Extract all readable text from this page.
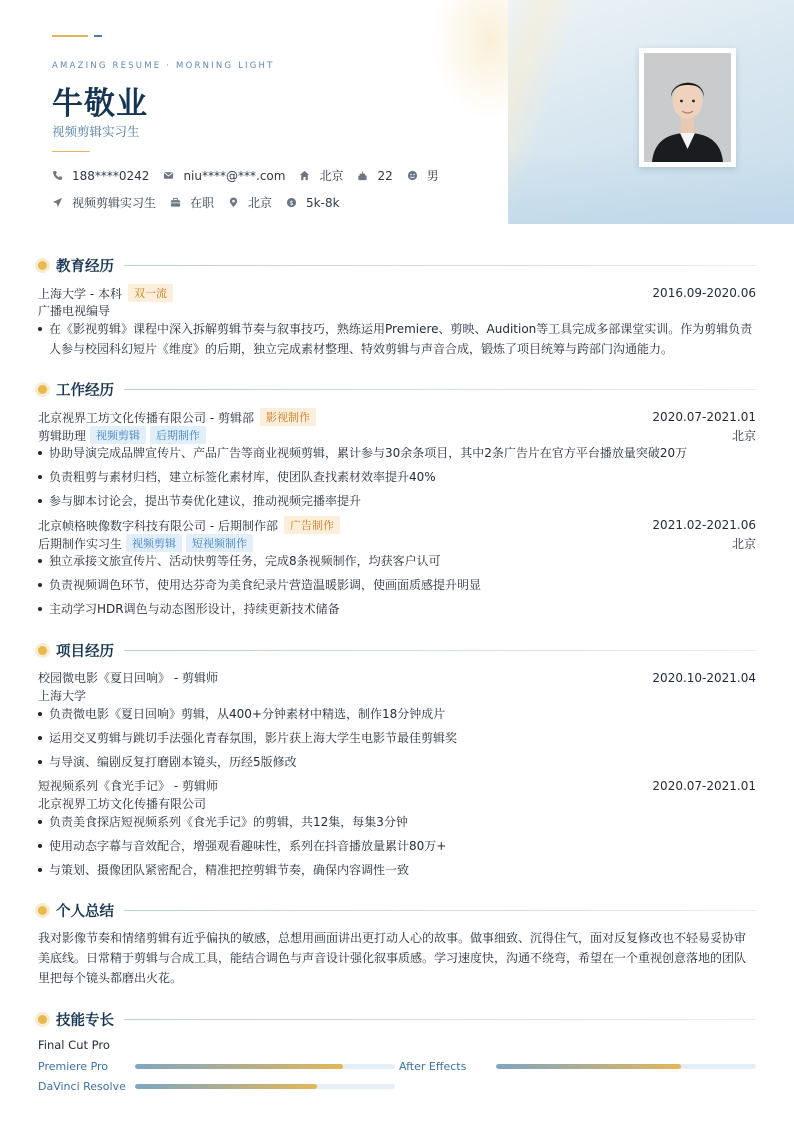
AMAZING RESUME · MORNING LIGHT
牛敬业
视频剪辑实习生
188****0242	niu****@***.com	北京	22	男
视频剪辑实习生	在职	北京 $ 5k-8k
教育经历
上海大学 - 本科	双一流	2016.09-2020.06
广播电视编导
在《影视剪辑》课程中深入拆解剪辑节奏与叙事技巧，熟练运用Premiere、剪映、Audition等工具完成多部课堂实训。作为剪辑负责人参与校园科幻短片《维度》的后期，独立完成素材整理、特效剪辑与声音合成，锻炼了项目统筹与跨部门沟通能力。
工作经历
北京视界工坊文化传播有限公司 - 剪辑部	影视制作	2020.07-2021.01
剪辑助理 视频剪辑	后期制作	北京
协助导演完成品牌宣传片、产品广告等商业视频剪辑，累计参与30余条项目，其中2条广告片在官方平台播放量突破20万
负责粗剪与素材归档，建立标签化素材库，使团队查找素材效率提升40%
参与脚本讨论会，提出节奏优化建议，推动视频完播率提升
北京帧格映像数字科技有限公司 - 后期制作部	广告制作	2021.02-2021.06
后期制作实习生 视频剪辑	短视频制作	北京
独立承接文旅宣传片、活动快剪等任务，完成8条视频制作，均获客户认可
负责视频调色环节，使用达芬奇为美食纪录片营造温暖影调，使画面质感提升明显
主动学习HDR调色与动态图形设计，持续更新技术储备
项目经历
校园微电影《夏日回响》 - 剪辑师	2020.10-2021.04
上海大学
负责微电影《夏日回响》剪辑，从400+分钟素材中精选，制作18分钟成片
运用交叉剪辑与跳切手法强化青春氛围，影片获上海大学生电影节最佳剪辑奖
与导演、编剧反复打磨剧本镜头，历经5版修改
短视频系列《食光手记》 - 剪辑师	2020.07-2021.01
北京视界工坊文化传播有限公司
负责美食探店短视频系列《食光手记》的剪辑，共12集，每集3分钟
使用动态字幕与音效配合，增强观看趣味性，系列在抖音播放量累计80万+
与策划、摄像团队紧密配合，精准把控剪辑节奏，确保内容调性一致
个人总结
我对影像节奏和情绪剪辑有近乎偏执的敏感，总想用画面讲出更打动人心的故事。做事细致、沉得住气，面对反复修改也不轻易妥协审美底线。日常精于剪辑与合成工具，能结合调色与声音设计强化叙事质感。学习速度快，沟通不绕弯，希望在一个重视创意落地的团队里把每个镜头都磨出火花。
技能专长
Final Cut Pro
Premiere Pro	After Effects
DaVinci Resolve
